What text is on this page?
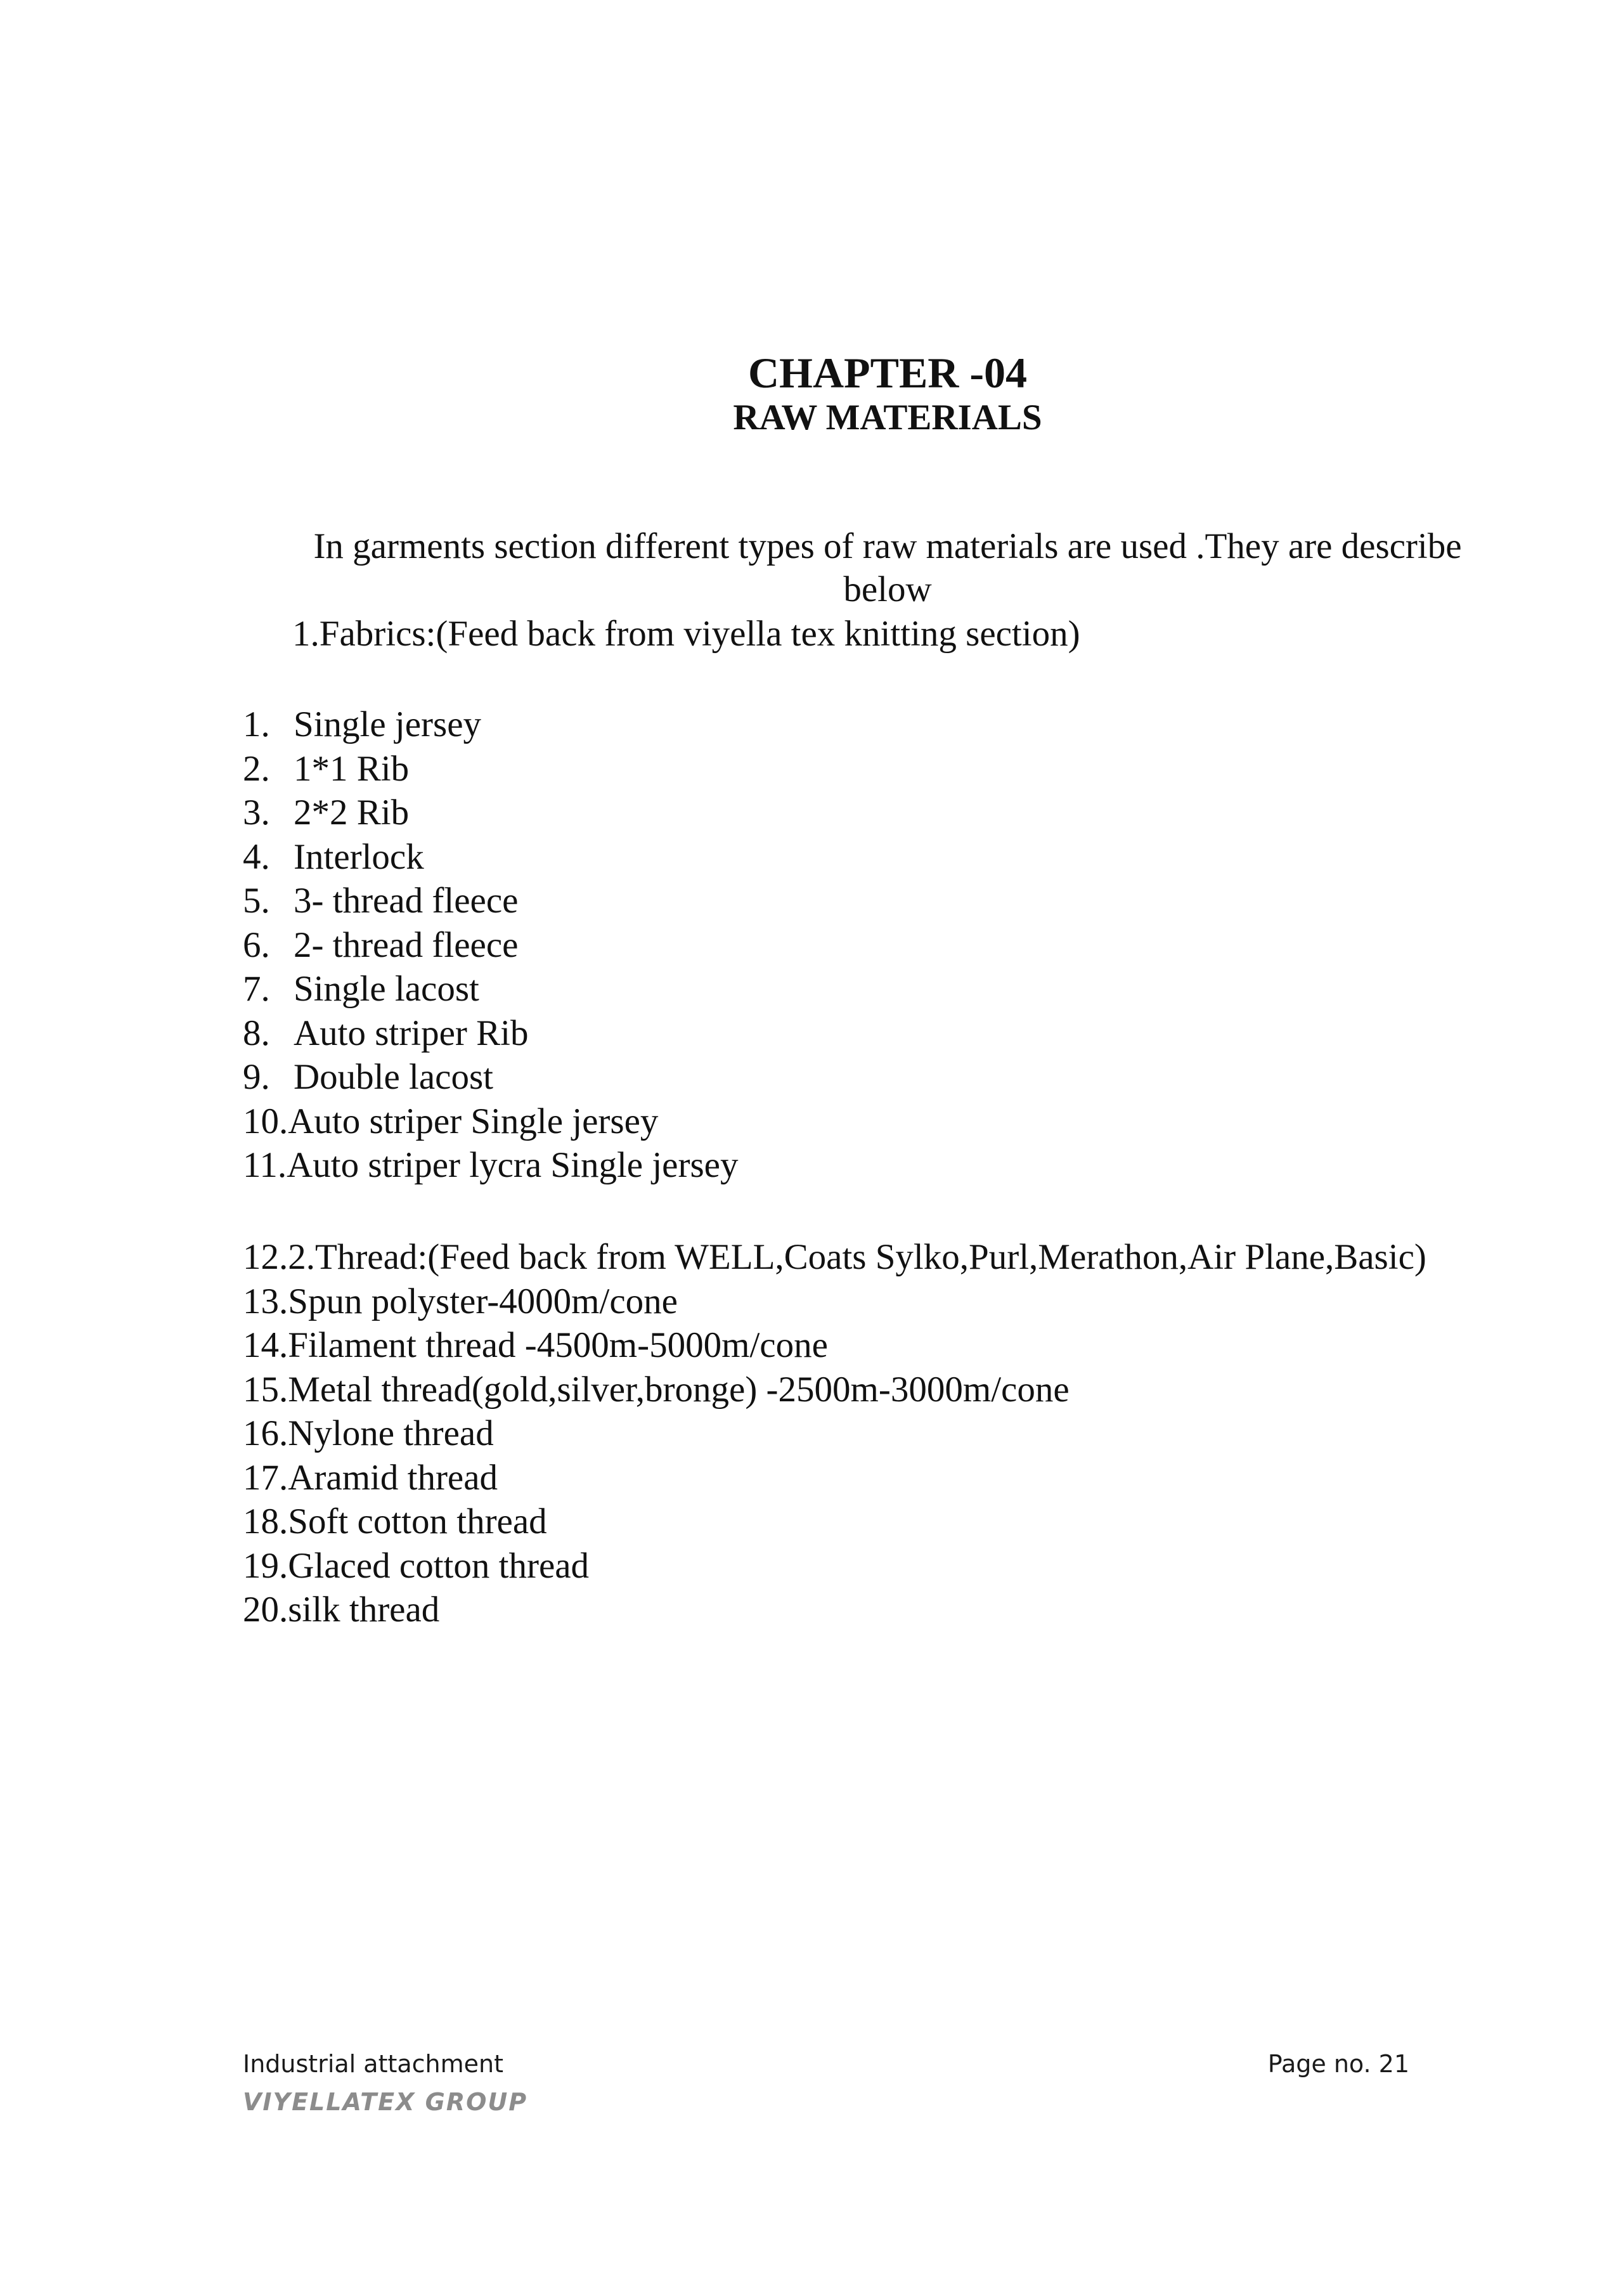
CHAPTER -04
RAW MATERIALS

In garments section different types of raw materials are used .They are describe below

1.Fabrics:(Feed back from viyella tex knitting section)

1. Single jersey
2. 1*1 Rib
3. 2*2 Rib
4. Interlock
5. 3- thread fleece
6. 2- thread fleece
7. Single lacost
8. Auto striper Rib
9. Double lacost
10.Auto striper Single jersey
11.Auto striper lycra Single jersey
12.2.Thread:(Feed back from WELL,Coats Sylko,Purl,Merathon,Air Plane,Basic)
13.Spun polyster-4000m/cone
14.Filament thread -4500m-5000m/cone
15.Metal thread(gold,silver,bronge) -2500m-3000m/cone
16.Nylone thread
17.Aramid thread
18.Soft cotton thread
19.Glaced cotton thread
20.silk thread

Industrial attachment

VIYELLATEX GROUP

Page no. 21
